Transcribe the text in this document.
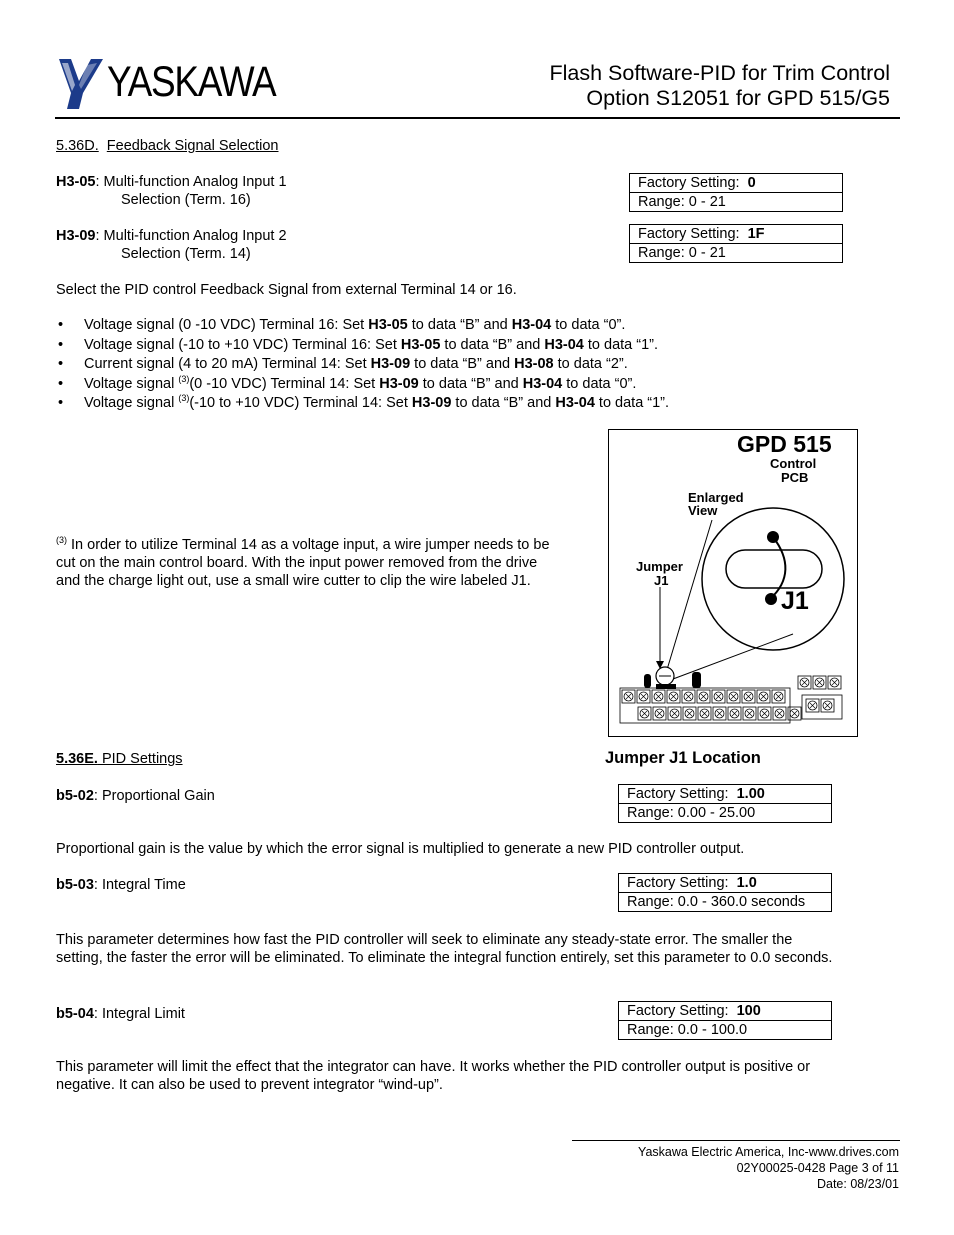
YASKAWA	Flash Software-PID for Trim Control
Option S12051 for GPD 515/G5
5.36D. Feedback Signal Selection
H3-05: Multi-function Analog Input 1
Selection (Term. 16)
Factory Setting: 0
Range: 0 - 21
H3-09: Multi-function Analog Input 2
Selection (Term. 14)
Factory Setting: 1F
Range: 0 - 21
Select the PID control Feedback Signal from external Terminal 14 or 16.
• Voltage signal (0 -10 VDC) Terminal 16: Set H3-05 to data “B” and H3-04 to data “0”.
• Voltage signal (-10 to +10 VDC) Terminal 16: Set H3-05 to data “B” and H3-04 to data “1”.
• Current signal (4 to 20 mA) Terminal 14: Set H3-09 to data “B” and H3-08 to data “2”.
• Voltage signal $^{(3)}$(0 -10 VDC) Terminal 14: Set H3-09 to data “B” and H3-04 to data “0”.
• Voltage signal $^{(3)}$(-10 to +10 VDC) Terminal 14: Set H3-09 to data “B” and H3-04 to data “1”.
$^{(3)}$ In order to utilize Terminal 14 as a voltage input, a wire jumper needs to be
cut on the main control board. With the input power removed from the drive
and the charge light out, use a small wire cutter to clip the wire labeled J1.
GPD 515
Control
PCB
Enlarged
View
Jumper
J1
J1
Jumper J1 Location
5.36E. PID Settings
b5-02: Proportional Gain	Factory Setting: 1.00
Range: 0.00 - 25.00
Proportional gain is the value by which the error signal is multiplied to generate a new PID controller output.
b5-03: Integral Time	Factory Setting: 1.0
Range: 0.0 - 360.0 seconds
This parameter determines how fast the PID controller will seek to eliminate any steady-state error. The smaller the
setting, the faster the error will be eliminated. To eliminate the integral function entirely, set this parameter to 0.0 seconds.
b5-04: Integral Limit	Factory Setting: 100
Range: 0.0 - 100.0
This parameter will limit the effect that the integrator can have. It works whether the PID controller output is positive or
negative. It can also be used to prevent integrator “wind-up”.
Yaskawa Electric America, Inc-www.drives.com
02Y00025-0428 Page 3 of 11
Date: 08/23/01
